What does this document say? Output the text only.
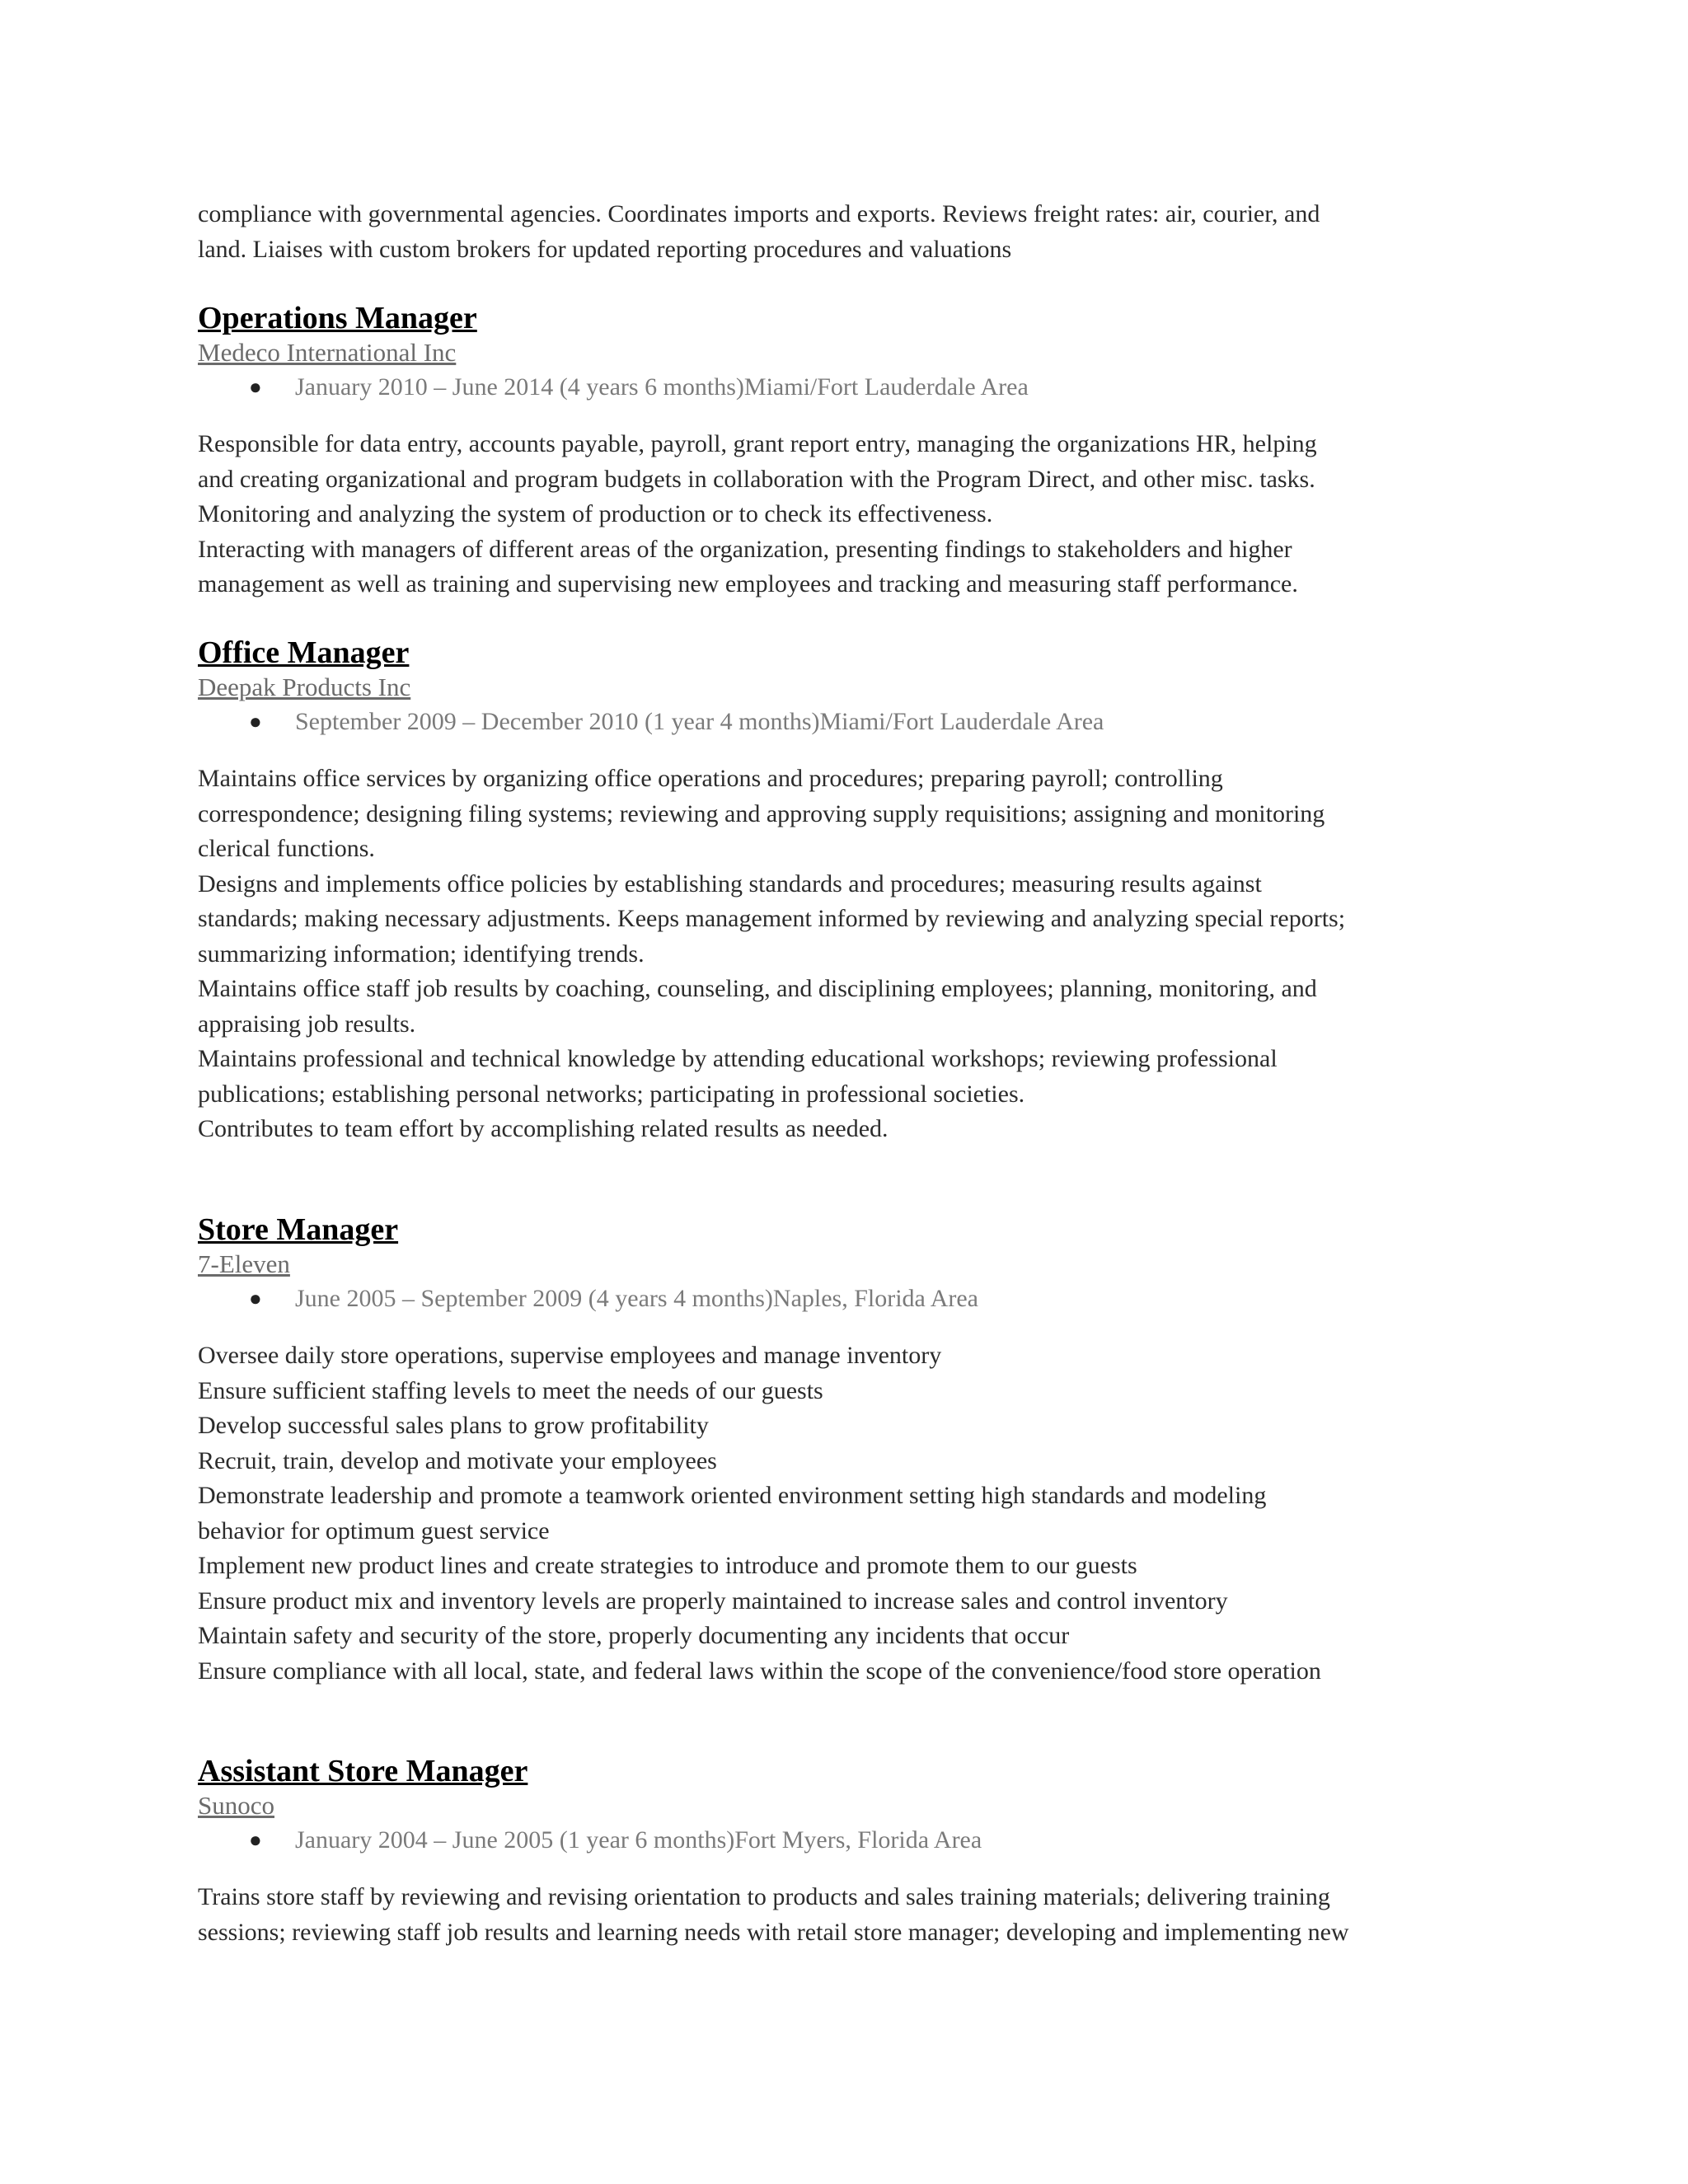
compliance with governmental agencies. Coordinates imports and exports. Reviews freight rates: air, courier, and
land. Liaises with custom brokers for updated reporting procedures and valuations

Operations Manager
Medeco International Inc
● January 2010 – June 2014 (4 years 6 months)Miami/Fort Lauderdale Area

Responsible for data entry, accounts payable, payroll, grant report entry, managing the organizations HR, helping
and creating organizational and program budgets in collaboration with the Program Direct, and other misc. tasks.
Monitoring and analyzing the system of production or to check its effectiveness.
Interacting with managers of different areas of the organization, presenting findings to stakeholders and higher
management as well as training and supervising new employees and tracking and measuring staff performance.

Office Manager
Deepak Products Inc
● September 2009 – December 2010 (1 year 4 months)Miami/Fort Lauderdale Area

Maintains office services by organizing office operations and procedures; preparing payroll; controlling
correspondence; designing filing systems; reviewing and approving supply requisitions; assigning and monitoring
clerical functions.
Designs and implements office policies by establishing standards and procedures; measuring results against
standards; making necessary adjustments. Keeps management informed by reviewing and analyzing special reports;
summarizing information; identifying trends.
Maintains office staff job results by coaching, counseling, and disciplining employees; planning, monitoring, and
appraising job results.
Maintains professional and technical knowledge by attending educational workshops; reviewing professional
publications; establishing personal networks; participating in professional societies.
Contributes to team effort by accomplishing related results as needed.

Store Manager
7-Eleven
● June 2005 – September 2009 (4 years 4 months)Naples, Florida Area

Oversee daily store operations, supervise employees and manage inventory
Ensure sufficient staffing levels to meet the needs of our guests
Develop successful sales plans to grow profitability
Recruit, train, develop and motivate your employees
Demonstrate leadership and promote a teamwork oriented environment setting high standards and modeling
behavior for optimum guest service
Implement new product lines and create strategies to introduce and promote them to our guests
Ensure product mix and inventory levels are properly maintained to increase sales and control inventory
Maintain safety and security of the store, properly documenting any incidents that occur
Ensure compliance with all local, state, and federal laws within the scope of the convenience/food store operation

Assistant Store Manager
Sunoco
● January 2004 – June 2005 (1 year 6 months)Fort Myers, Florida Area

Trains store staff by reviewing and revising orientation to products and sales training materials; delivering training
sessions; reviewing staff job results and learning needs with retail store manager; developing and implementing new
